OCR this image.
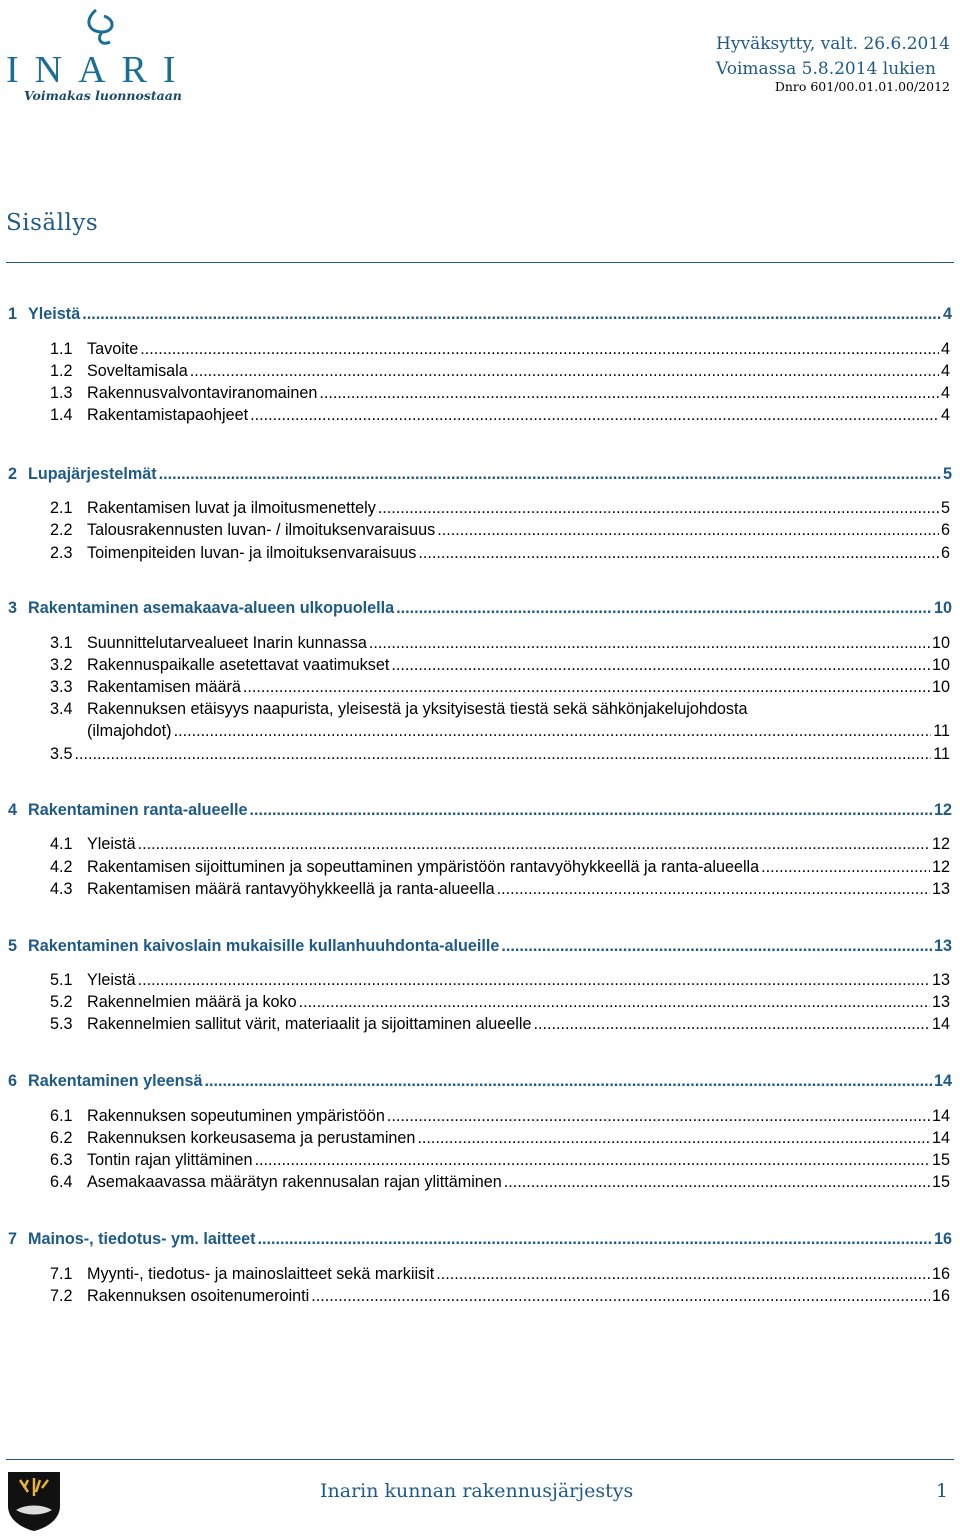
INARI
Voimakas luonnostaan
Hyväksytty, valt. 26.6.2014
Voimassa 5.8.2014 lukien
Dnro 601/00.01.01.00/2012
Sisällys
1 Yleistä .....	4
1.1 Tavoite .....	4
1.2 Soveltamisala .....	4
1.3 Rakennusvalvontaviranomainen .....	4
1.4 Rakentamistapaohjeet .....	4
2 Lupajärjestelmät .....	5
2.1 Rakentamisen luvat ja ilmoitusmenettely .....	5
2.2 Talousrakennusten luvan- / ilmoituksenvaraisuus .....	6
2.3 Toimenpiteiden luvan- ja ilmoituksenvaraisuus .....	6
3 Rakentaminen asemakaava-alueen ulkopuolella .....	10
3.1 Suunnittelutarvealueet Inarin kunnassa .....	10
3.2 Rakennuspaikalle asetettavat vaatimukset .....	10
3.3 Rakentamisen määrä .....	10
3.4 Rakennuksen etäisyys naapurista, yleisestä ja yksityisestä tiestä sekä sähkönjakelujohdosta
(ilmajohdot) .....	11
3.5 .....	11
4 Rakentaminen ranta-alueelle .....	12
4.1 Yleistä .....	12
4.2 Rakentamisen sijoittuminen ja sopeuttaminen ympäristöön rantavyöhykkeellä ja ranta-alueella .....	12
4.3 Rakentamisen määrä rantavyöhykkeellä ja ranta-alueella .....	13
5 Rakentaminen kaivoslain mukaisille kullanhuuhdonta-alueille .....	13
5.1 Yleistä .....	13
5.2 Rakennelmien määrä ja koko .....	13
5.3 Rakennelmien sallitut värit, materiaalit ja sijoittaminen alueelle .....	14
6 Rakentaminen yleensä .....	14
6.1 Rakennuksen sopeutuminen ympäristöön .....	14
6.2 Rakennuksen korkeusasema ja perustaminen .....	14
6.3 Tontin rajan ylittäminen .....	15
6.4 Asemakaavassa määrätyn rakennusalan rajan ylittäminen .....	15
7 Mainos-, tiedotus- ym. laitteet .....	16
7.1 Myynti-, tiedotus- ja mainoslaitteet sekä markiisit .....	16
7.2 Rakennuksen osoitenumerointi .....	16
Inarin kunnan rakennusjärjestys	1
